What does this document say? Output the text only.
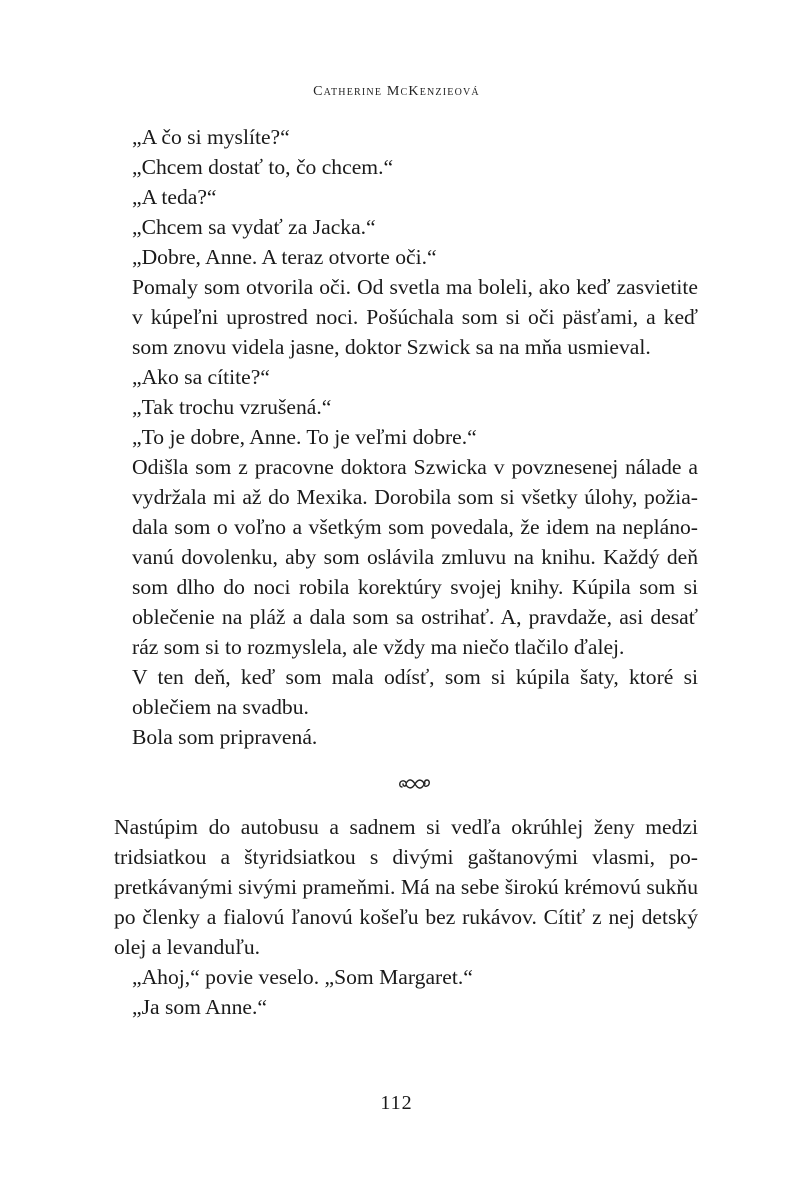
Catherine McKenzieová

„A čo si myslíte?“

„Chcem dostať to, čo chcem.“

„A teda?“

„Chcem sa vydať za Jacka.“

„Dobre, Anne. A teraz otvorte oči.“

Pomaly som otvorila oči. Od svetla ma boleli, ako keď zasvietite v kúpeľni uprostred noci. Pošúchala som si oči päsťami, a keď som znovu videla jasne, doktor Szwick sa na mňa usmieval.

„Ako sa cítite?“

„Tak trochu vzrušená.“

„To je dobre, Anne. To je veľmi dobre.“

Odišla som z pracovne doktora Szwicka v povznesenej nálade a vydržala mi až do Mexika. Dorobila som si všetky úlohy, požiadala som o voľno a všetkým som povedala, že idem na neplánovanú dovolenku, aby som oslávila zmluvu na knihu. Každý deň som dlho do noci robila korektúry svojej knihy. Kúpila som si oblečenie na pláž a dala som sa ostrihať. A, pravdaže, asi desať ráz som si to rozmyslela, ale vždy ma niečo tlačilo ďalej.

V ten deň, keď som mala odísť, som si kúpila šaty, ktoré si oblečiem na svadbu.

Bola som pripravená.

Nastúpim do autobusu a sadnem si vedľa okrúhlej ženy medzi tridsiatkou a štyridsiatkou s divými gaštanovými vlasmi, popretkávanými sivými prameňmi. Má na sebe širokú krémovú sukňu po členky a fialovú ľanovú košeľu bez rukávov. Cítiť z nej detský olej a levanduľu.

„Ahoj,“ povie veselo. „Som Margaret.“

„Ja som Anne.“

112
